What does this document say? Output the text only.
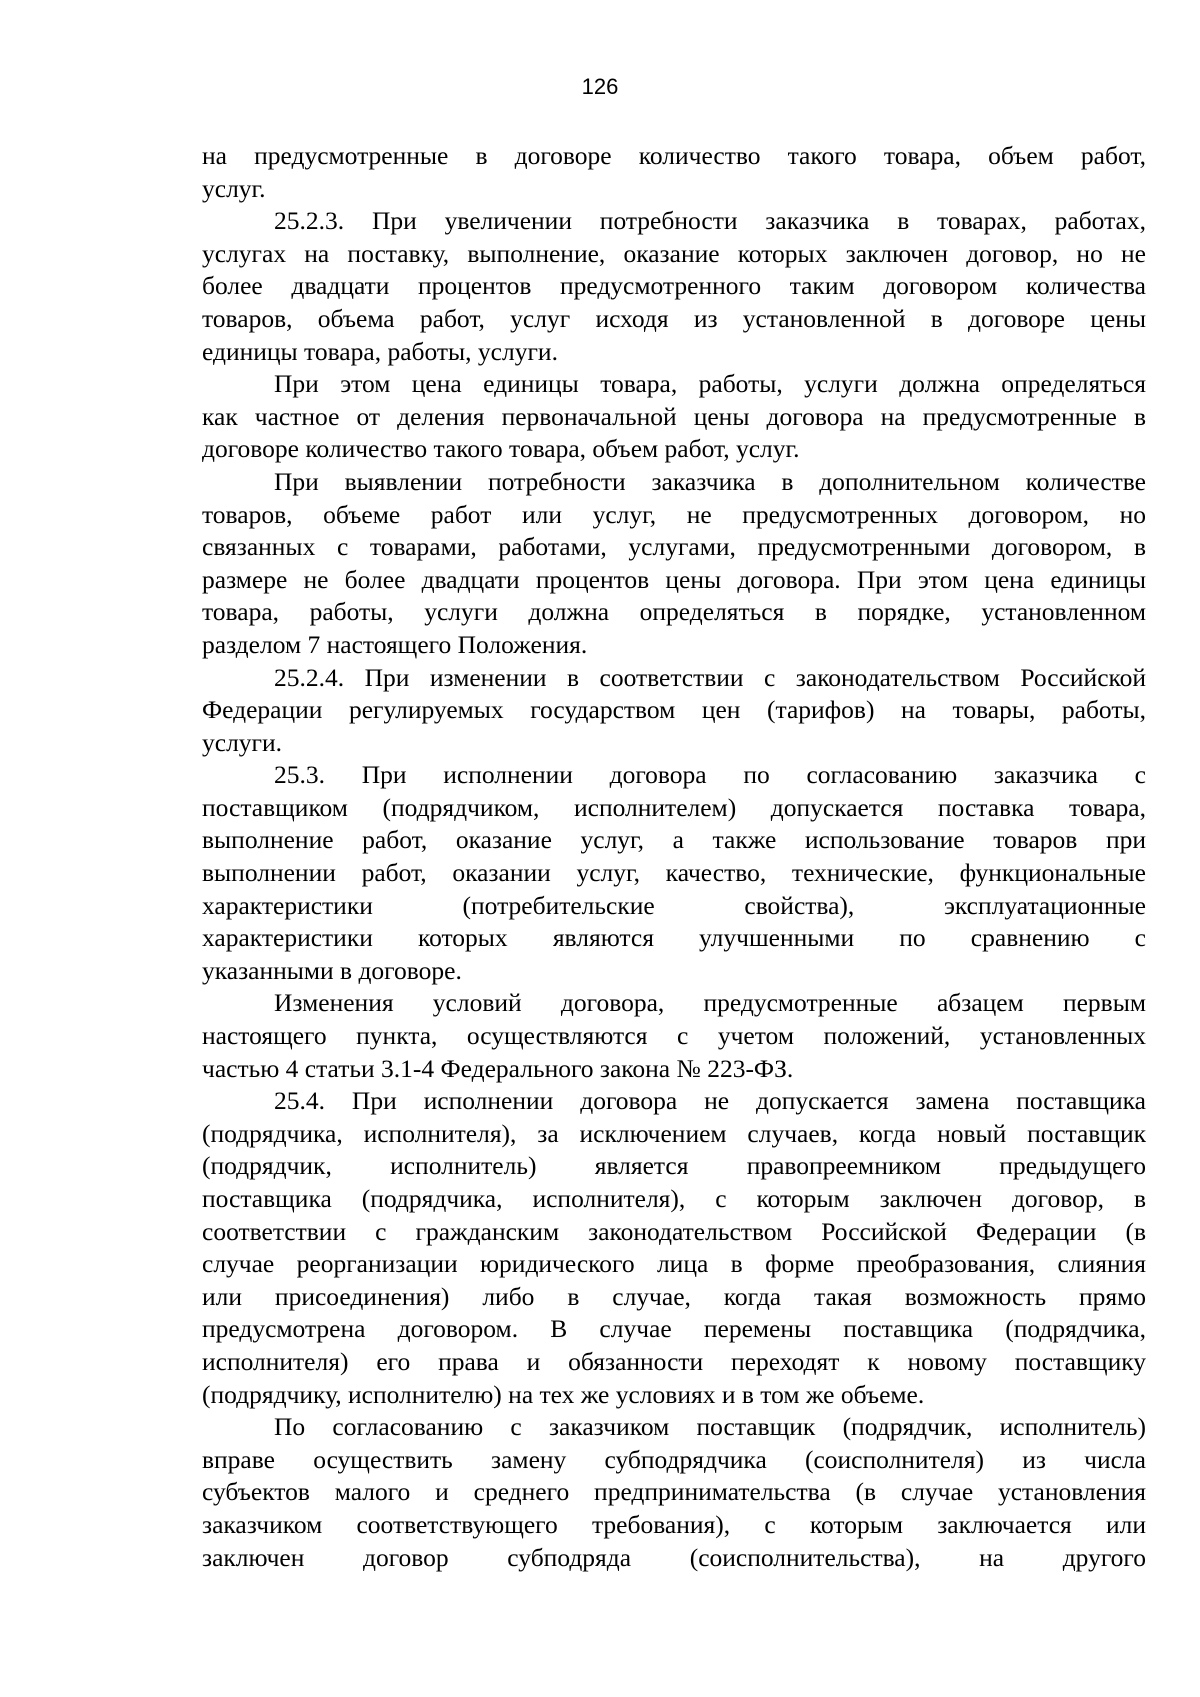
126
на предусмотренные в договоре количество такого товара, объем работ,
услуг.
25.2.3. При увеличении потребности заказчика в товарах, работах,
услугах на поставку, выполнение, оказание которых заключен договор, но не
более двадцати процентов предусмотренного таким договором количества
товаров, объема работ, услуг исходя из установленной в договоре цены
единицы товара, работы, услуги.
При этом цена единицы товара, работы, услуги должна определяться
как частное от деления первоначальной цены договора на предусмотренные в
договоре количество такого товара, объем работ, услуг.
При выявлении потребности заказчика в дополнительном количестве
товаров, объеме работ или услуг, не предусмотренных договором, но
связанных с товарами, работами, услугами, предусмотренными договором, в
размере не более двадцати процентов цены договора. При этом цена единицы
товара, работы, услуги должна определяться в порядке, установленном
разделом 7 настоящего Положения.
25.2.4. При изменении в соответствии с законодательством Российской
Федерации регулируемых государством цен (тарифов) на товары, работы,
услуги.
25.3. При исполнении договора по согласованию заказчика с
поставщиком (подрядчиком, исполнителем) допускается поставка товара,
выполнение работ, оказание услуг, а также использование товаров при
выполнении работ, оказании услуг, качество, технические, функциональные
характеристики (потребительские свойства), эксплуатационные
характеристики которых являются улучшенными по сравнению с
указанными в договоре.
Изменения условий договора, предусмотренные абзацем первым
настоящего пункта, осуществляются с учетом положений, установленных
частью 4 статьи 3.1-4 Федерального закона № 223-ФЗ.
25.4. При исполнении договора не допускается замена поставщика
(подрядчика, исполнителя), за исключением случаев, когда новый поставщик
(подрядчик, исполнитель) является правопреемником предыдущего
поставщика (подрядчика, исполнителя), с которым заключен договор, в
соответствии с гражданским законодательством Российской Федерации (в
случае реорганизации юридического лица в форме преобразования, слияния
или присоединения) либо в случае, когда такая возможность прямо
предусмотрена договором. В случае перемены поставщика (подрядчика,
исполнителя) его права и обязанности переходят к новому поставщику
(подрядчику, исполнителю) на тех же условиях и в том же объеме.
По согласованию с заказчиком поставщик (подрядчик, исполнитель)
вправе осуществить замену субподрядчика (соисполнителя) из числа
субъектов малого и среднего предпринимательства (в случае установления
заказчиком соответствующего требования), с которым заключается или
заключен договор субподряда (соисполнительства), на другого
